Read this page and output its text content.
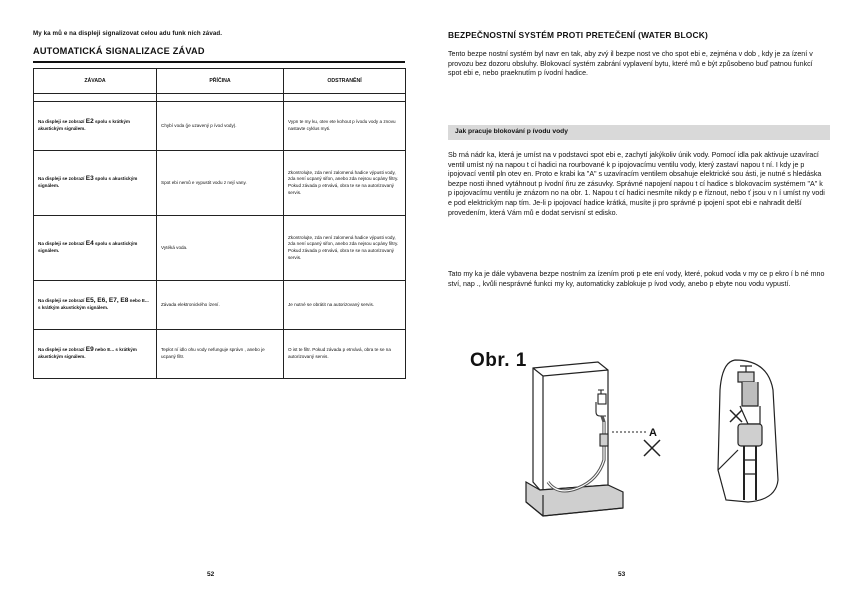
My ka mů e na displeji signalizovat celou adu funk ních závad.
AUTOMATICKÁ SIGNALIZACE ZÁVAD
ZÁVADA	PŘÍČINA	ODSTRANĚNÍ

Na displeji se zobrazí E2 spolu s krátkým akustickým signálem.	Chybí voda (je uzavený p ívod vody).	Vypn te my ku, otev ete kohout p ívodu vody a znovu nastavte cyklus myti.
Na displeji se zobrazí E3 spolu s akustickým signálem.	Spot ebi nemů e vypustit vodu z nejí vany.	Zkontrolujte, zda není zalomená hadice výpusti vody, zda není ucpaný sifon, anebo zda nejsou ucpány filtry. Pokud závada p etrvává, obra te se na autorizovaný servis.
Na displeji se zobrazí E4 spolu s akustickým signálem.	Vytéká voda.	Zkontrolujte, zda není zalomená hadice výpusti vody, zda není ucpaný sifon, anebo zda nejsou ucpány filtry. Pokud závada p etrvává, obra te se na autorizovaný servis.
Na displeji se zobrazí E5, E6, E7, E8 nebo E... s krátkým akustickým signálem.	Závada elektronického ízení.	Je nutné se obrátit na autorizovaný servis.
Na displeji se zobrazí E9 nebo E... s krátkým akustickým signálem.	Teplot ní idlo ohu vody nefunguje správn , anebo je ucpaný filtr.	O ist te filtr. Pokud závada p etrvává, obra te se na autorizovaný servis.
52
BEZPEČNOSTNÍ SYSTÉM PROTI PRETEČENÍ (WATER BLOCK)
Tento bezpe nostní systém byl navr en tak, aby zvý il bezpe nost ve cho spot ebi e, zejména v dob , kdy je za ízení v provozu bez dozoru obsluhy. Blokovací systém zabrání vyplavení bytu, které mů e být způsobeno buď patnou funkcí spot ebi e, nebo praeknutím p ívodní hadice.
Jak pracuje blokování p ívodu vody
Sb rná nádr ka, která je umíst na v podstavci spot ebi e, zachytí jakýkoliv únik vody. Pomocí idla pak aktivuje uzavírací ventil umíst ný na napou t cí hadici na rourbované k p ipojovacímu ventilu vody, který zastaví napou t ní. I kdy je p ipojovací ventil pln otev en. Proto e krabi ka "A" s uzavíracím ventilem obsahuje elektrické sou ásti, je nutné s hledáska bezpe nosti ihned vytáhnout p ívodní ňru ze zásuvky. Správné napojení napou t cí hadice s blokovacím systémem "A" k p ipojovacímu ventilu je znázorn no na obr. 1. Napou t cí hadici nesmíte nikdy p e říznout, nebo ť jsou v n í umíst ny vodi e pod elektrickým nap tím. Je-li p ipojovací hadice krátká, musíte ji pro správné p ipojení spot ebi e nahradit delší provedením, která Vám mů e dodat servisní st edisko.
Tato my ka je dále vybavena bezpe nostním za ízením proti p ete ení vody, které, pokud voda v my ce p ekro í b né mno ství, nap ., kvůli nesprávné funkci my ky, automaticky zablokuje p ívod vody, anebo p ebyte nou vodu vypustí.
A
Obr. 1
53
